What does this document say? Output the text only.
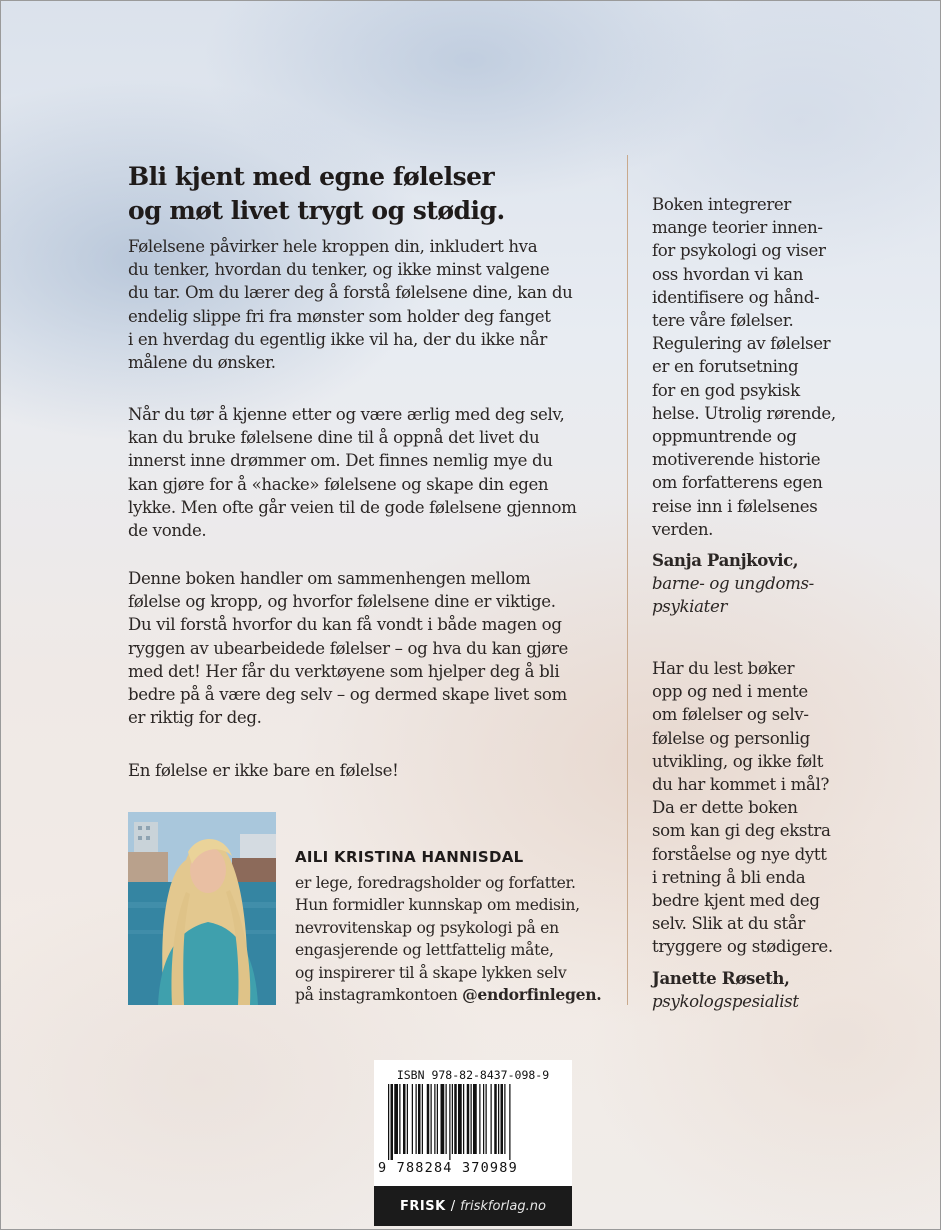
Bli kjent med egne følelser
og møt livet trygt og stødig.
Følelsene påvirker hele kroppen din, inkludert hva
du tenker, hvordan du tenker, og ikke minst valgene
du tar. Om du lærer deg å forstå følelsene dine, kan du
endelig slippe fri fra mønster som holder deg fanget
i en hverdag du egentlig ikke vil ha, der du ikke når
målene du ønsker.
Når du tør å kjenne etter og være ærlig med deg selv,
kan du bruke følelsene dine til å oppnå det livet du
innerst inne drømmer om. Det finnes nemlig mye du
kan gjøre for å «hacke» følelsene og skape din egen
lykke. Men ofte går veien til de gode følelsene gjennom
de vonde.
Denne boken handler om sammenhengen mellom
følelse og kropp, og hvorfor følelsene dine er viktige.
Du vil forstå hvorfor du kan få vondt i både magen og
ryggen av ubearbeidede følelser – og hva du kan gjøre
med det! Her får du verktøyene som hjelper deg å bli
bedre på å være deg selv – og dermed skape livet som
er riktig for deg.
En følelse er ikke bare en følelse!
Boken integrerer
mange teorier innen-
for psykologi og viser
oss hvordan vi kan
identifisere og hånd-
tere våre følelser.
Regulering av følelser
er en forutsetning
for en god psykisk
helse. Utrolig rørende,
oppmuntrende og
motiverende historie
om forfatterens egen
reise inn i følelsenes
verden.
Sanja Panjkovic,
barne- og ungdoms-
psykiater
Har du lest bøker
opp og ned i mente
om følelser og selv-
følelse og personlig
utvikling, og ikke følt
du har kommet i mål?
Da er dette boken
som kan gi deg ekstra
forståelse og nye dytt
i retning å bli enda
bedre kjent med deg
selv. Slik at du står
tryggere og stødigere.
Janette Røseth,
psykologspesialist
AILI KRISTINA HANNISDAL
er lege, foredragsholder og forfatter.
Hun formidler kunnskap om medisin,
nevrovitenskap og psykologi på en
engasjerende og lettfattelig måte,
og inspirerer til å skape lykken selv
på instagramkontoen @endorfinlegen.
ISBN 978-82-8437-098-9
9 788284 370989
FRISK / friskforlag.no
